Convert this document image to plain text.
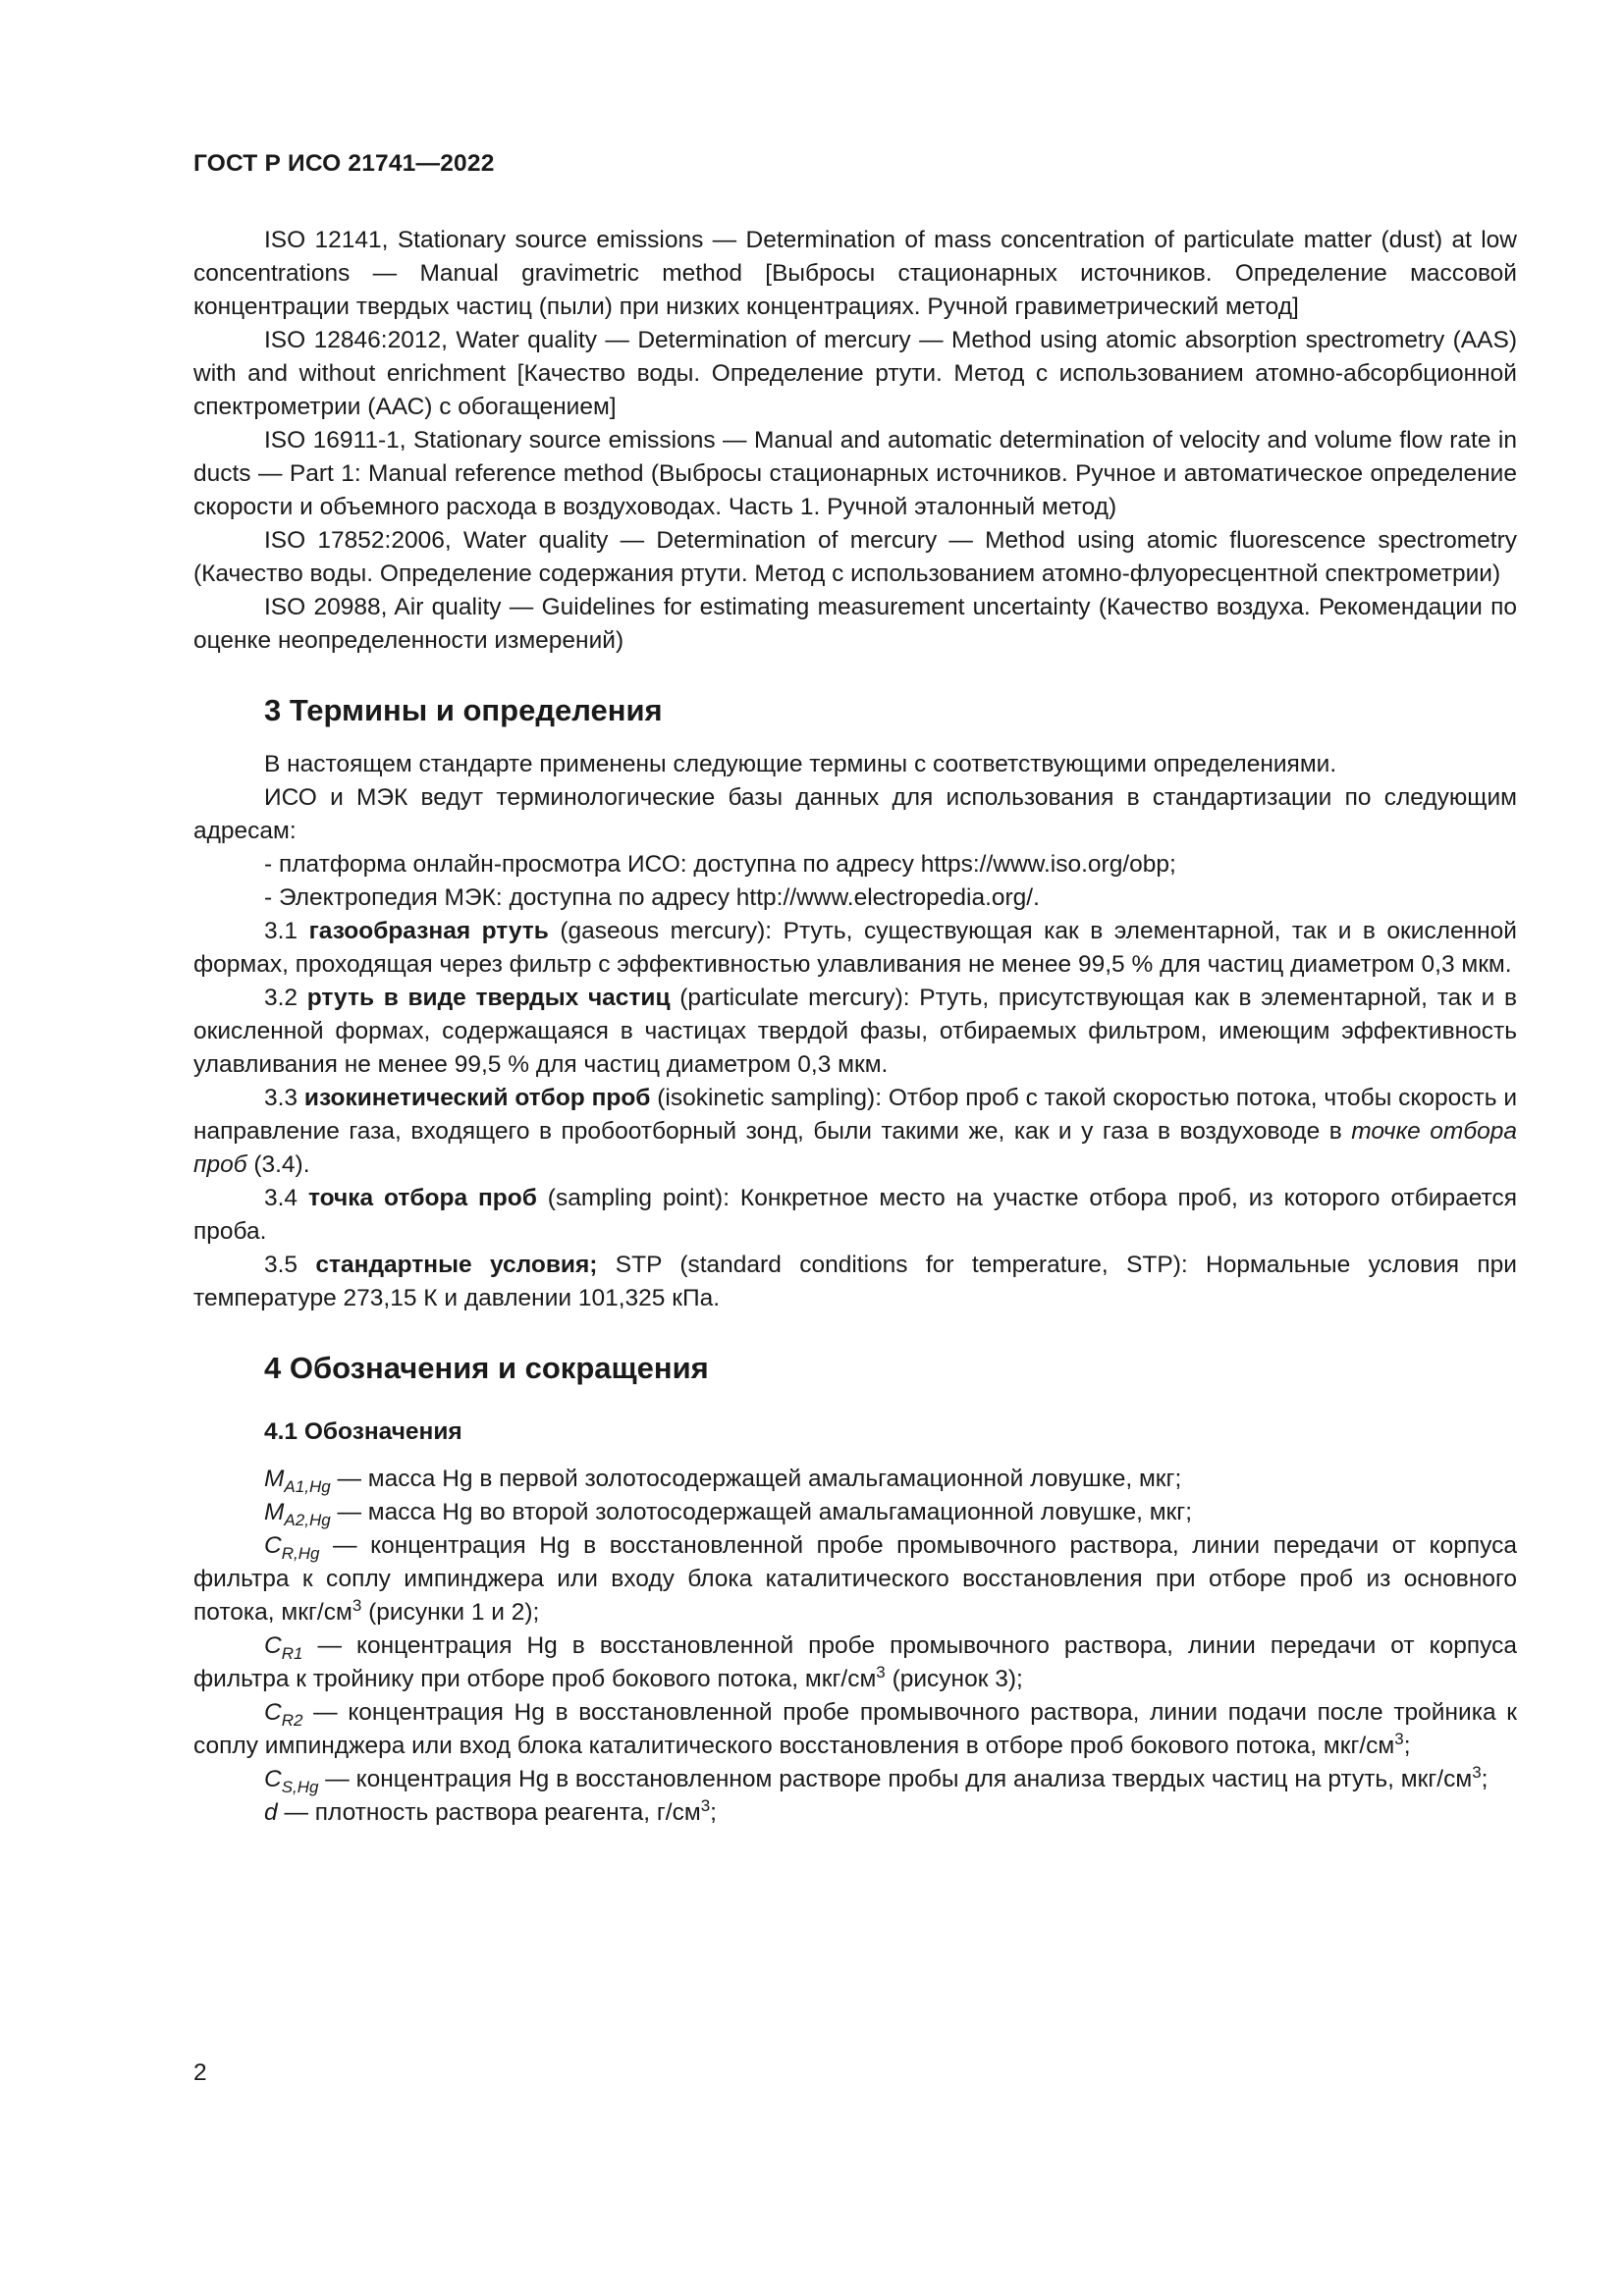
ГОСТ Р ИСО 21741—2022

ISO 12141, Stationary source emissions — Determination of mass concentration of particulate matter (dust) at low concentrations — Manual gravimetric method [Выбросы стационарных источников. Определение массовой концентрации твердых частиц (пыли) при низких концентрациях. Ручной гравиметрический метод]

ISO 12846:2012, Water quality — Determination of mercury — Method using atomic absorption spectrometry (AAS) with and without enrichment [Качество воды. Определение ртути. Метод с использованием атомно-абсорбционной спектрометрии (ААС) с обогащением]

ISO 16911-1, Stationary source emissions — Manual and automatic determination of velocity and volume flow rate in ducts — Part 1: Manual reference method (Выбросы стационарных источников. Ручное и автоматическое определение скорости и объемного расхода в воздуховодах. Часть 1. Ручной эталонный метод)

ISO 17852:2006, Water quality — Determination of mercury — Method using atomic fluorescence spectrometry (Качество воды. Определение содержания ртути. Метод с использованием атомно-флуоресцентной спектрометрии)

ISO 20988, Air quality — Guidelines for estimating measurement uncertainty (Качество воздуха. Рекомендации по оценке неопределенности измерений)

3 Термины и определения

В настоящем стандарте применены следующие термины с соответствующими определениями.

ИСО и МЭК ведут терминологические базы данных для использования в стандартизации по следующим адресам:

- платформа онлайн-просмотра ИСО: доступна по адресу https://www.iso.org/obp;

- Электропедия МЭК: доступна по адресу http://www.electropedia.org/.

3.1 газообразная ртуть (gaseous mercury): Ртуть, существующая как в элементарной, так и в окисленной формах, проходящая через фильтр с эффективностью улавливания не менее 99,5 % для частиц диаметром 0,3 мкм.

3.2 ртуть в виде твердых частиц (particulate mercury): Ртуть, присутствующая как в элементарной, так и в окисленной формах, содержащаяся в частицах твердой фазы, отбираемых фильтром, имеющим эффективность улавливания не менее 99,5 % для частиц диаметром 0,3 мкм.

3.3 изокинетический отбор проб (isokinetic sampling): Отбор проб с такой скоростью потока, чтобы скорость и направление газа, входящего в пробоотборный зонд, были такими же, как и у газа в воздуховоде в точке отбора проб (3.4).

3.4 точка отбора проб (sampling point): Конкретное место на участке отбора проб, из которого отбирается проба.

3.5 стандартные условия; STP (standard conditions for temperature, STP): Нормальные условия при температуре 273,15 К и давлении 101,325 кПа.

4 Обозначения и сокращения
4.1 Обозначения

$M_{A1,Hg}$ — масса Hg в первой золотосодержащей амальгамационной ловушке, мкг;

$M_{A2,Hg}$ — масса Hg во второй золотосодержащей амальгамационной ловушке, мкг;

$C_{R,Hg}$ — концентрация Hg в восстановленной пробе промывочного раствора, линии передачи от корпуса фильтра к соплу импинджера или входу блока каталитического восстановления при отборе проб из основного потока, мкг/$см^3$ (рисунки 1 и 2);

$C_{R1}$ — концентрация Hg в восстановленной пробе промывочного раствора, линии передачи от корпуса фильтра к тройнику при отборе проб бокового потока, мкг/$см^3$ (рисунок 3);

$C_{R2}$ — концентрация Hg в восстановленной пробе промывочного раствора, линии подачи после тройника к соплу импинджера или вход блока каталитического восстановления в отборе проб бокового потока, мкг/$см^3$;

$C_{S,Hg}$ — концентрация Hg в восстановленном растворе пробы для анализа твердых частиц на ртуть, мкг/$см^3$;

d — плотность раствора реагента, $г/см^3$;

2
